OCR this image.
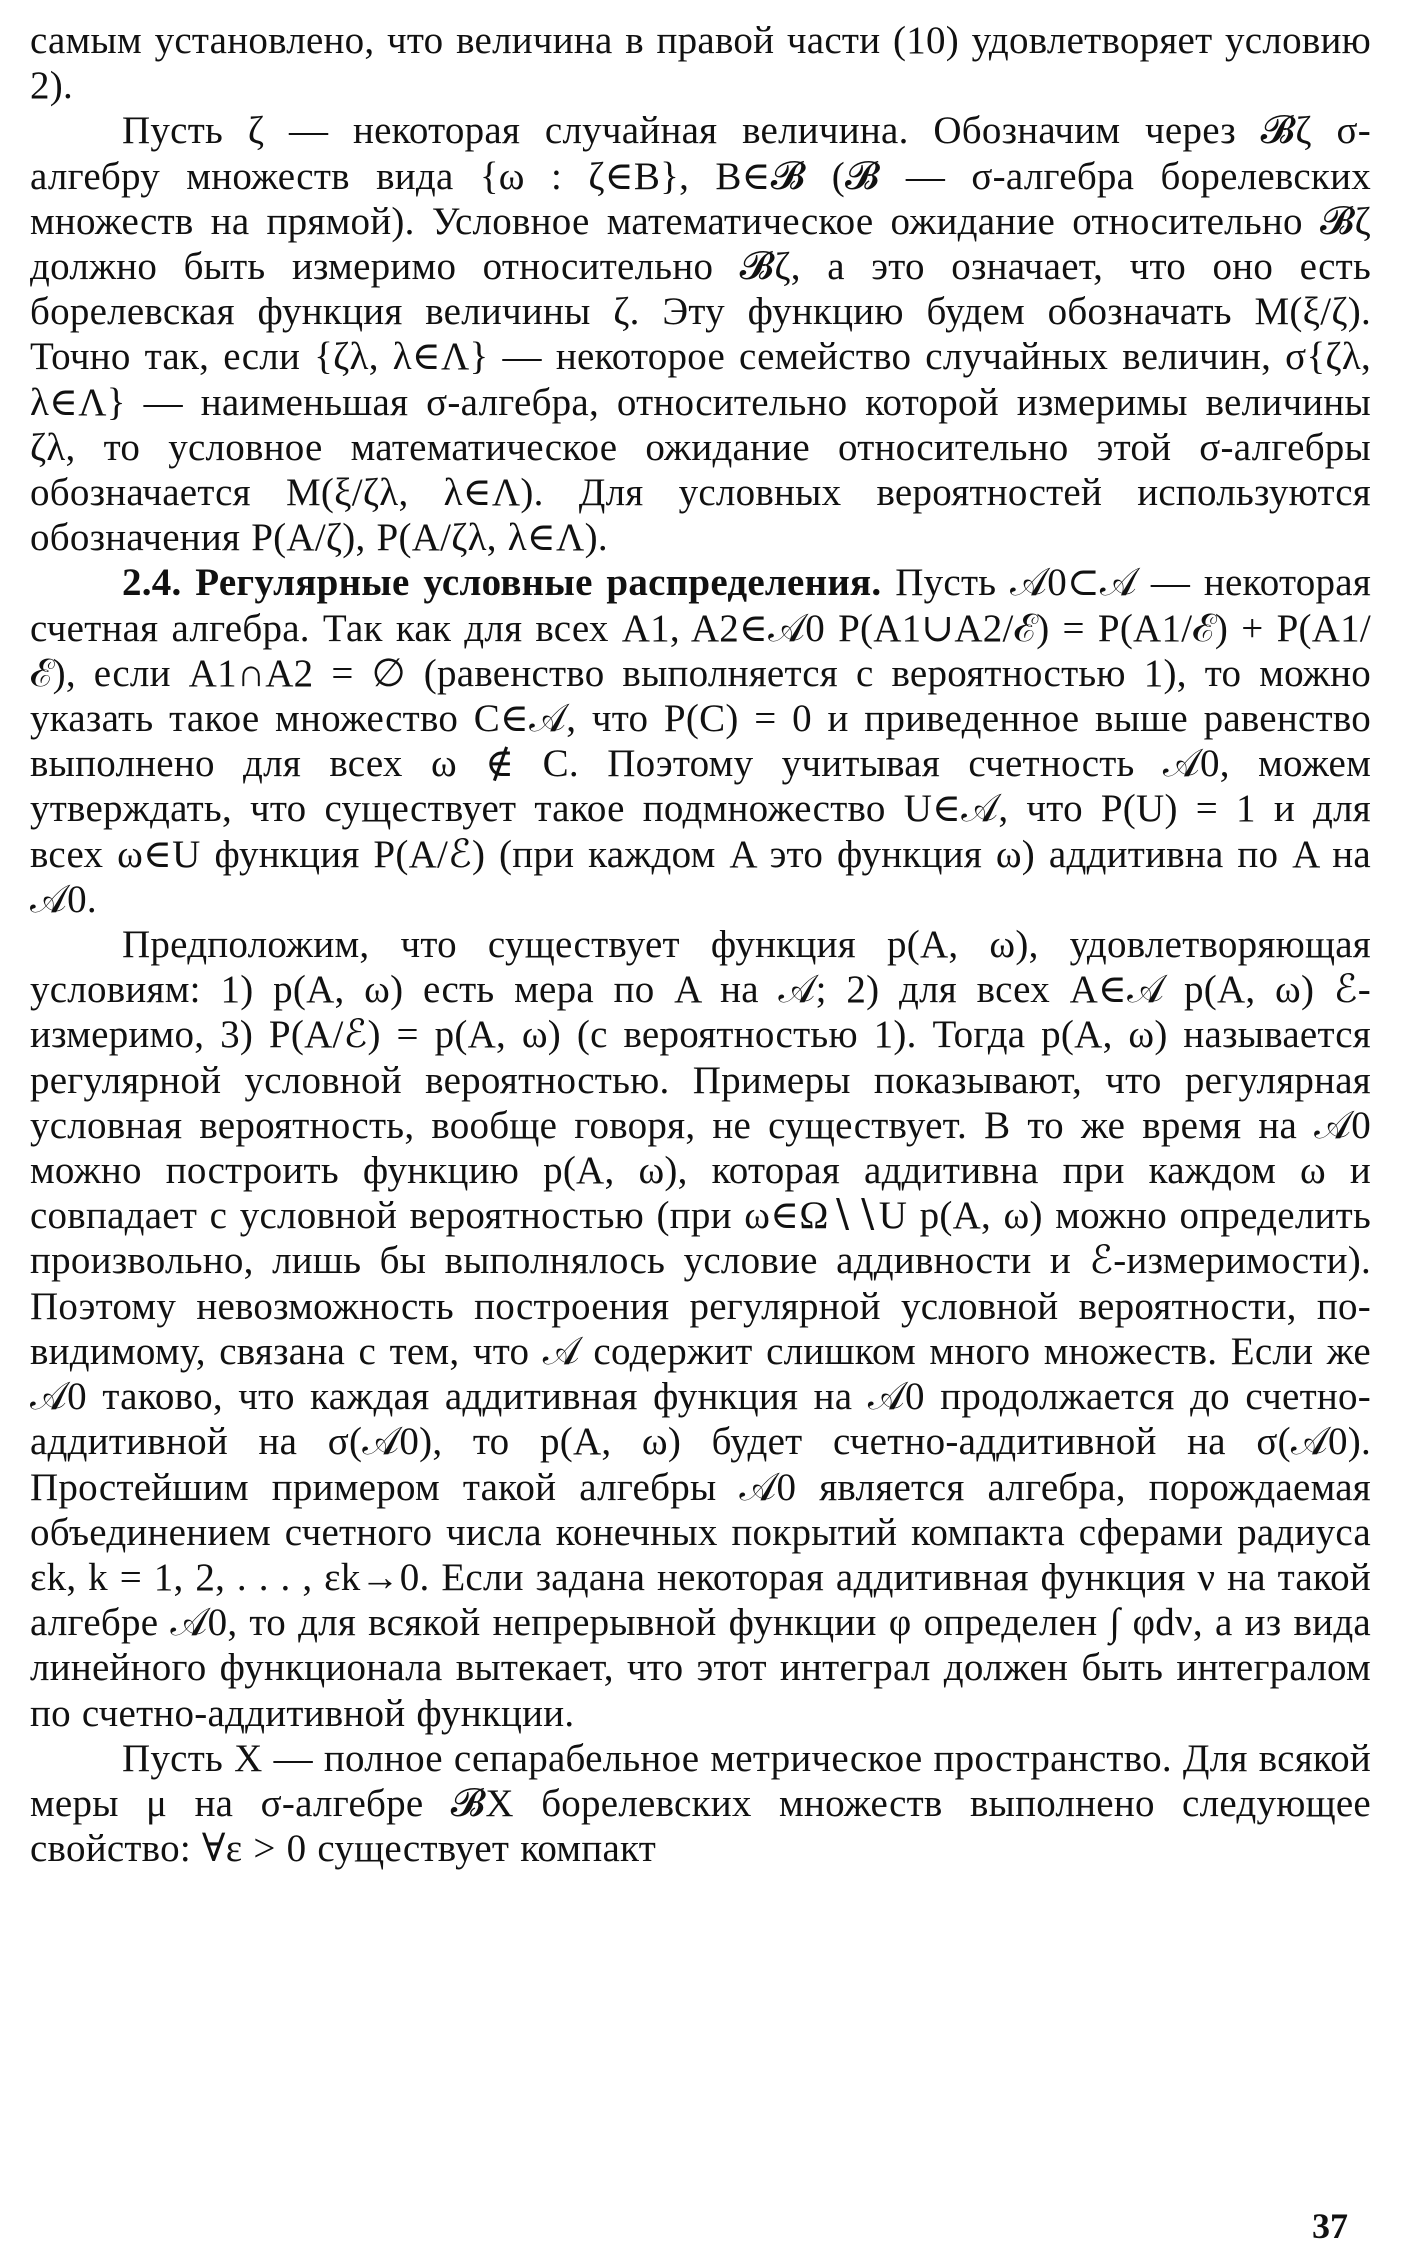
самым установлено, что величина в правой части (10) удовлетворяет условию 2).

Пусть ζ — некоторая случайная величина. Обозначим через 𝓑ζ σ-алгебру множеств вида {ω : ζ∈B}, B∈𝓑 (𝓑 — σ-алгебра борелевских множеств на прямой). Условное математическое ожидание относительно 𝓑ζ должно быть измеримо относительно 𝓑ζ, а это означает, что оно есть борелевская функция величины ζ. Эту функцию будем обозначать M(ξ/ζ). Точно так, если {ζλ, λ∈Λ} — некоторое семейство случайных величин, σ{ζλ, λ∈Λ} — наименьшая σ-алгебра, относительно которой измеримы величины ζλ, то условное математическое ожидание относительно этой σ-алгебры обозначается M(ξ/ζλ, λ∈Λ). Для условных вероятностей используются обозначения P(A/ζ), P(A/ζλ, λ∈Λ).

2.4. Регулярные условные распределения. Пусть 𝒜0⊂𝒜 — некоторая счетная алгебра. Так как для всех A1, A2∈𝒜0 P(A1∪A2/ℰ) = P(A1/ℰ) + P(A1/ℰ), если A1∩A2 = ∅ (равенство выполняется с вероятностью 1), то можно указать такое множество C∈𝒜, что P(C) = 0 и приведенное выше равенство выполнено для всех ω ∉ C. Поэтому учитывая счетность 𝒜0, можем утверждать, что существует такое подмножество U∈𝒜, что P(U) = 1 и для всех ω∈U функция P(A/ℰ) (при каждом A это функция ω) аддитивна по A на 𝒜0.

Предположим, что существует функция p(A, ω), удовлетворяющая условиям: 1) p(A, ω) есть мера по A на 𝒜; 2) для всех A∈𝒜 p(A, ω) ℰ-измеримо, 3) P(A/ℰ) = p(A, ω) (с вероятностью 1). Тогда p(A, ω) называется регулярной условной вероятностью. Примеры показывают, что регулярная условная вероятность, вообще говоря, не существует. В то же время на 𝒜0 можно построить функцию p(A, ω), которая аддитивна при каждом ω и совпадает с условной вероятностью (при ω∈Ω∖∖U p(A, ω) можно определить произвольно, лишь бы выполнялось условие аддивности и ℰ-измеримости). Поэтому невозможность построения регулярной условной вероятности, по-видимому, связана с тем, что 𝒜 содержит слишком много множеств. Если же 𝒜0 таково, что каждая аддитивная функция на 𝒜0 продолжается до счетно-аддитивной на σ(𝒜0), то p(A, ω) будет счетно-аддитивной на σ(𝒜0). Простейшим примером такой алгебры 𝒜0 является алгебра, порождаемая объединением счетного числа конечных покрытий компакта сферами радиуса εk, k = 1, 2, . . . , εk→0. Если задана некоторая аддитивная функция ν на такой алгебре 𝒜0, то для всякой непрерывной функции φ определен ∫ φdν, а из вида линейного функционала вытекает, что этот интеграл должен быть интегралом по счетно-аддитивной функции.

Пусть X — полное сепарабельное метрическое пространство. Для всякой меры μ на σ-алгебре 𝓑X борелевских множеств выполнено следующее свойство: ∀ε > 0 существует компакт

37
